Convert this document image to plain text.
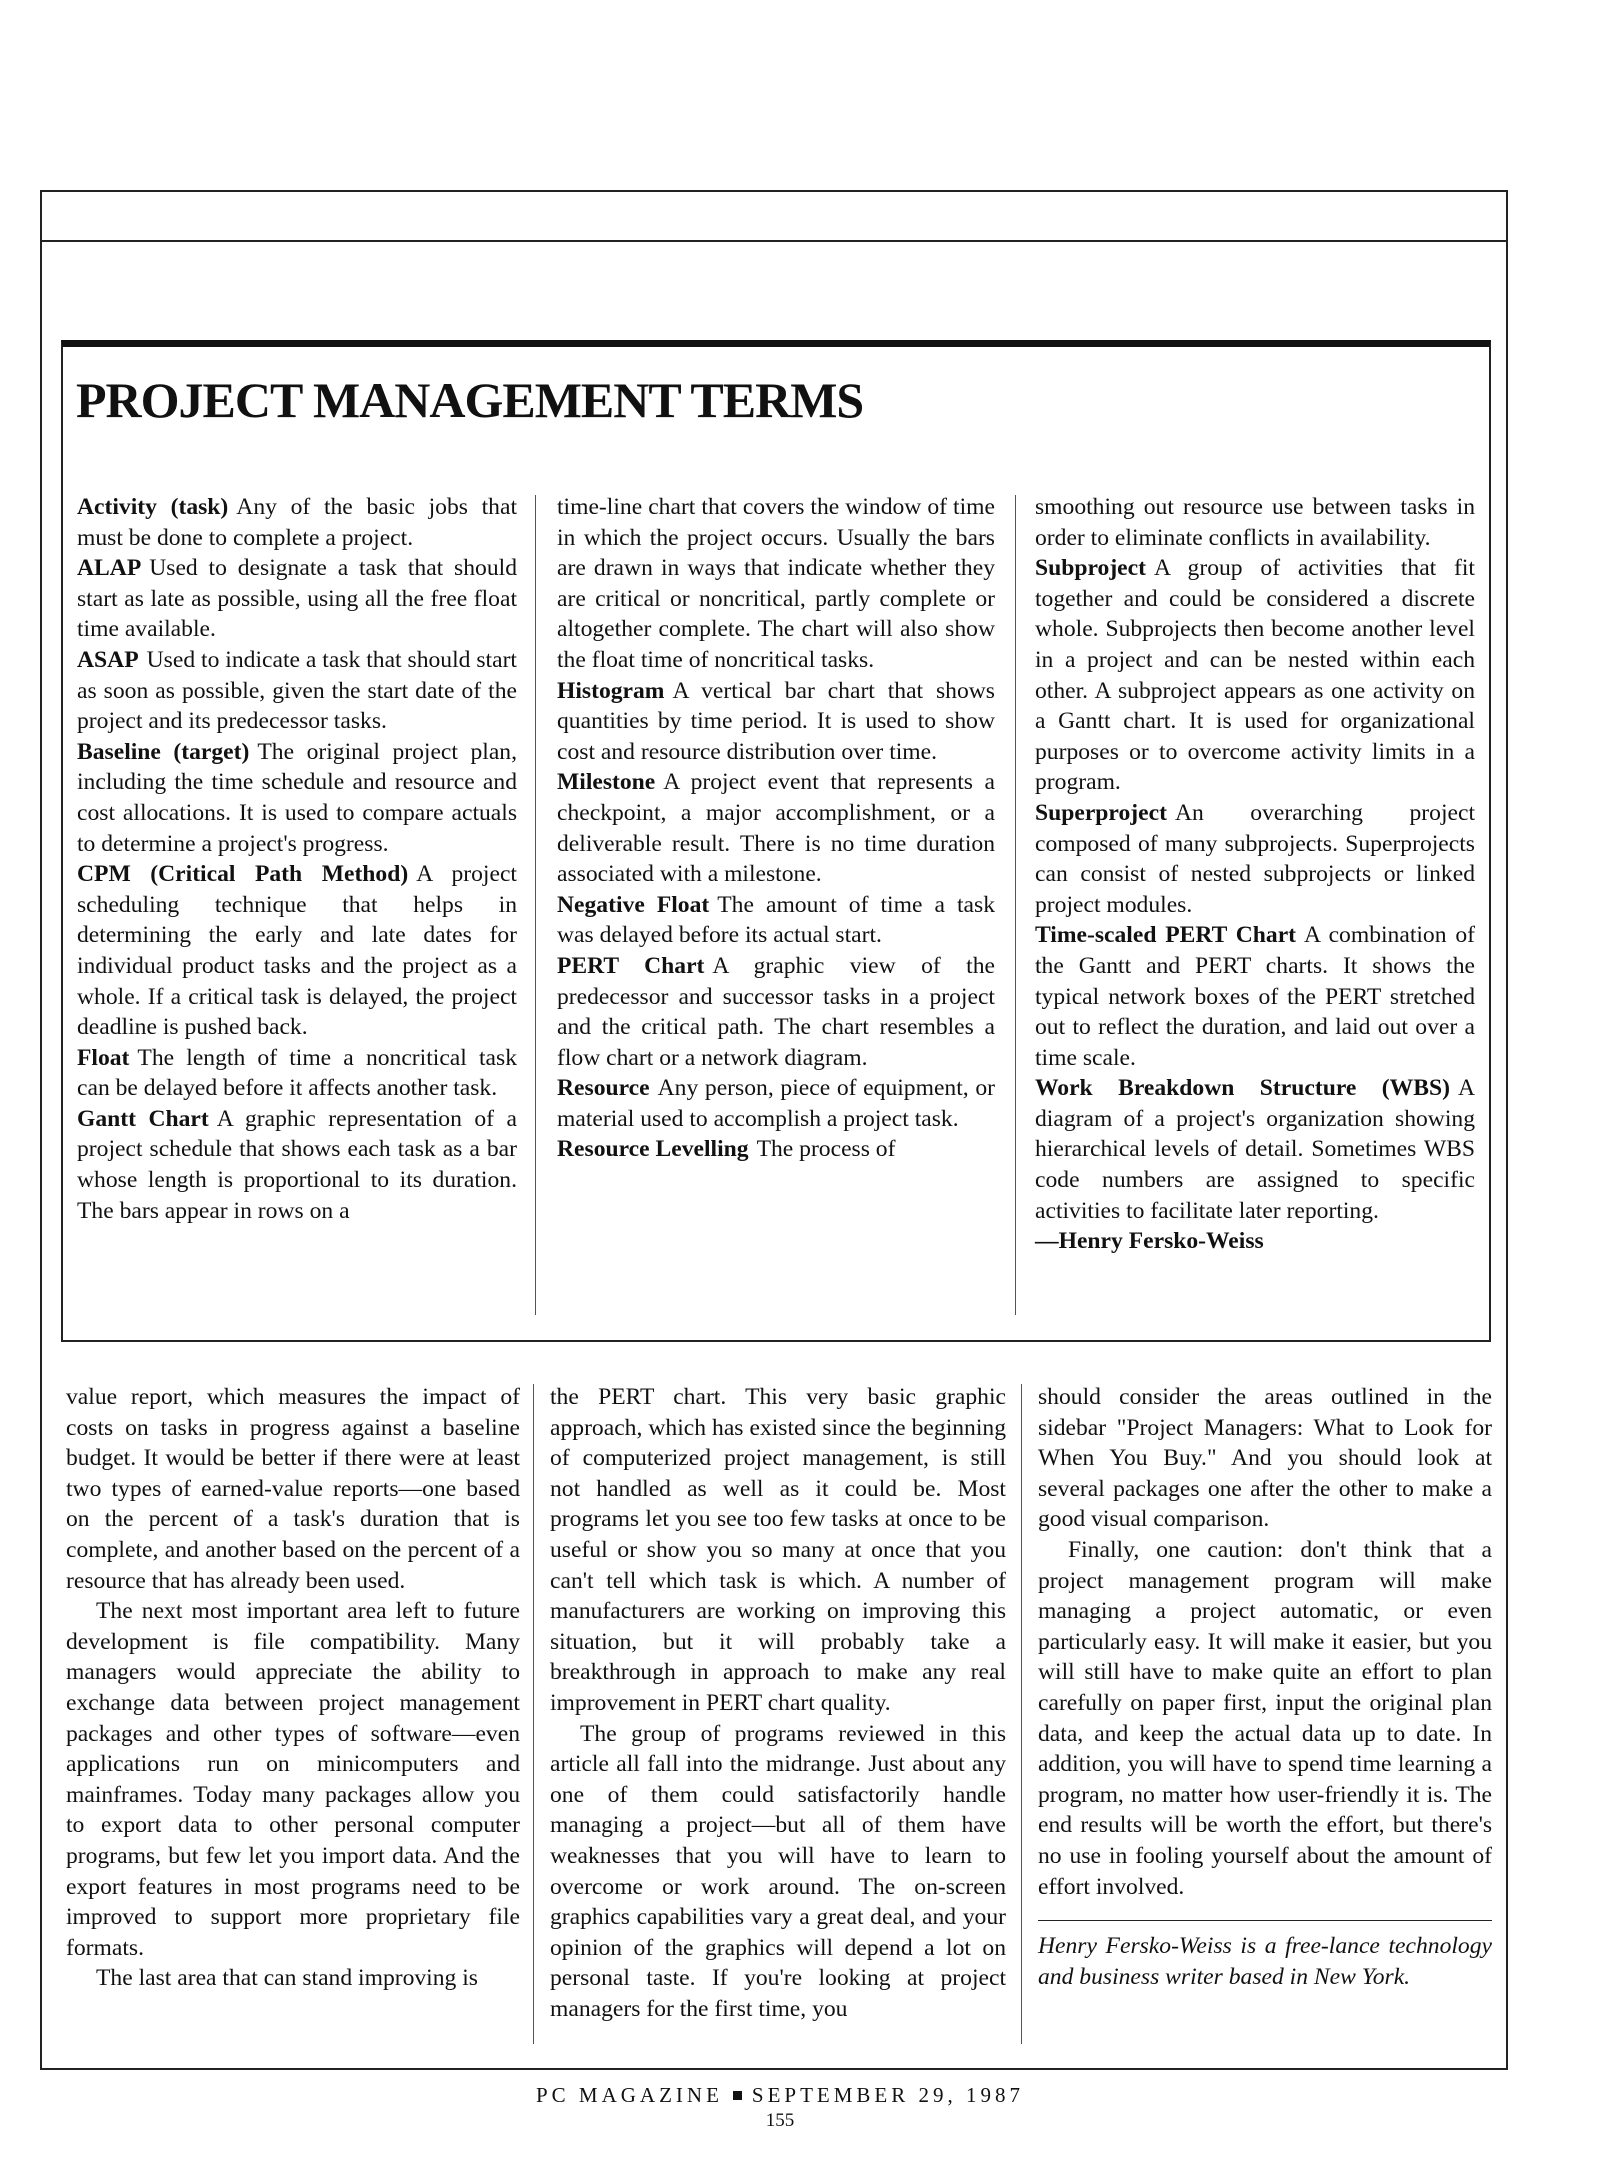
PROJECT MANAGEMENT TERMS

Activity (task) Any of the basic jobs that must be done to complete a project.

ALAP Used to designate a task that should start as late as possible, using all the free float time available.

ASAP Used to indicate a task that should start as soon as possible, given the start date of the project and its predecessor tasks.

Baseline (target) The original project plan, including the time schedule and resource and cost allocations. It is used to compare actuals to determine a project's progress.

CPM (Critical Path Method) A project scheduling technique that helps in determining the early and late dates for individual product tasks and the project as a whole. If a critical task is delayed, the project deadline is pushed back.

Float The length of time a noncritical task can be delayed before it affects another task.

Gantt Chart A graphic representation of a project schedule that shows each task as a bar whose length is proportional to its duration. The bars appear in rows on a

time-line chart that covers the window of time in which the project occurs. Usually the bars are drawn in ways that indicate whether they are critical or noncritical, partly complete or altogether complete. The chart will also show the float time of noncritical tasks.

Histogram A vertical bar chart that shows quantities by time period. It is used to show cost and resource distribution over time.

Milestone A project event that represents a checkpoint, a major accomplishment, or a deliverable result. There is no time duration associated with a milestone.

Negative Float The amount of time a task was delayed before its actual start.

PERT Chart A graphic view of the predecessor and successor tasks in a project and the critical path. The chart resembles a flow chart or a network diagram.

Resource Any person, piece of equipment, or material used to accomplish a project task.

Resource Levelling The process of

smoothing out resource use between tasks in order to eliminate conflicts in availability.

Subproject A group of activities that fit together and could be considered a discrete whole. Subprojects then become another level in a project and can be nested within each other. A subproject appears as one activity on a Gantt chart. It is used for organizational purposes or to overcome activity limits in a program.

Superproject An overarching project composed of many subprojects. Superprojects can consist of nested subprojects or linked project modules.

Time-scaled PERT Chart A combination of the Gantt and PERT charts. It shows the typical network boxes of the PERT stretched out to reflect the duration, and laid out over a time scale.

Work Breakdown Structure (WBS) A diagram of a project's organization showing hierarchical levels of detail. Sometimes WBS code numbers are assigned to specific activities to facilitate later reporting.

—Henry Fersko-Weiss

value report, which measures the impact of costs on tasks in progress against a baseline budget. It would be better if there were at least two types of earned-value reports—one based on the percent of a task's duration that is complete, and another based on the percent of a resource that has already been used.

The next most important area left to future development is file compatibility. Many managers would appreciate the ability to exchange data between project management packages and other types of software—even applications run on minicomputers and mainframes. Today many packages allow you to export data to other personal computer programs, but few let you import data. And the export features in most programs need to be improved to support more proprietary file formats.

The last area that can stand improving is

the PERT chart. This very basic graphic approach, which has existed since the beginning of computerized project management, is still not handled as well as it could be. Most programs let you see too few tasks at once to be useful or show you so many at once that you can't tell which task is which. A number of manufacturers are working on improving this situation, but it will probably take a breakthrough in approach to make any real improvement in PERT chart quality.

The group of programs reviewed in this article all fall into the midrange. Just about any one of them could satisfactorily handle managing a project—but all of them have weaknesses that you will have to learn to overcome or work around. The on-screen graphics capabilities vary a great deal, and your opinion of the graphics will depend a lot on personal taste. If you're looking at project managers for the first time, you

should consider the areas outlined in the sidebar "Project Managers: What to Look for When You Buy." And you should look at several packages one after the other to make a good visual comparison.

Finally, one caution: don't think that a project management program will make managing a project automatic, or even particularly easy. It will make it easier, but you will still have to make quite an effort to plan carefully on paper first, input the original plan data, and keep the actual data up to date. In addition, you will have to spend time learning a program, no matter how user-friendly it is. The end results will be worth the effort, but there's no use in fooling yourself about the amount of effort involved.

Henry Fersko-Weiss is a free-lance technology and business writer based in New York.
PC MAGAZINE SEPTEMBER 29, 1987
155
